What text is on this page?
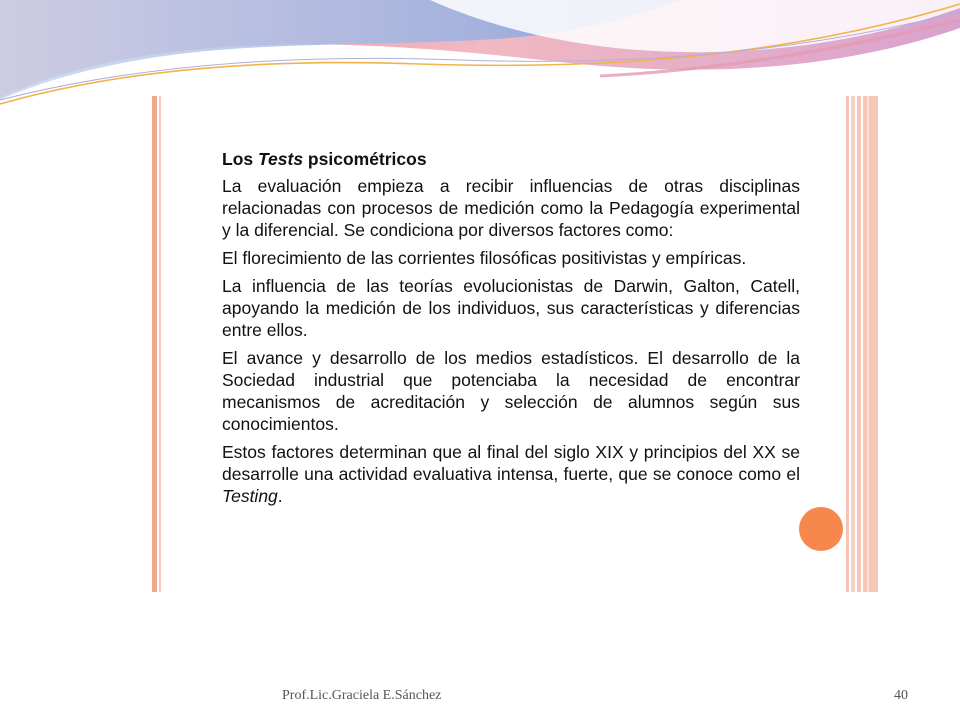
Los Tests psicométricos

La evaluación empieza a recibir influencias de otras disciplinas relacionadas con procesos de medición como la Pedagogía experimental y la diferencial. Se condiciona por diversos factores como:

El florecimiento de las corrientes filosóficas positivistas y empíricas.

La influencia de las teorías evolucionistas de Darwin, Galton, Catell, apoyando la medición de los individuos, sus características y diferencias entre ellos.

El avance y desarrollo de los medios estadísticos. El desarrollo de la Sociedad industrial que potenciaba la necesidad de encontrar mecanismos de acreditación y selección de alumnos según sus conocimientos.

Estos factores determinan que al final del siglo XIX y principios del XX se desarrolle una actividad evaluativa intensa, fuerte, que se conoce como el Testing.

Prof.Lic.Graciela E.Sánchez	40
